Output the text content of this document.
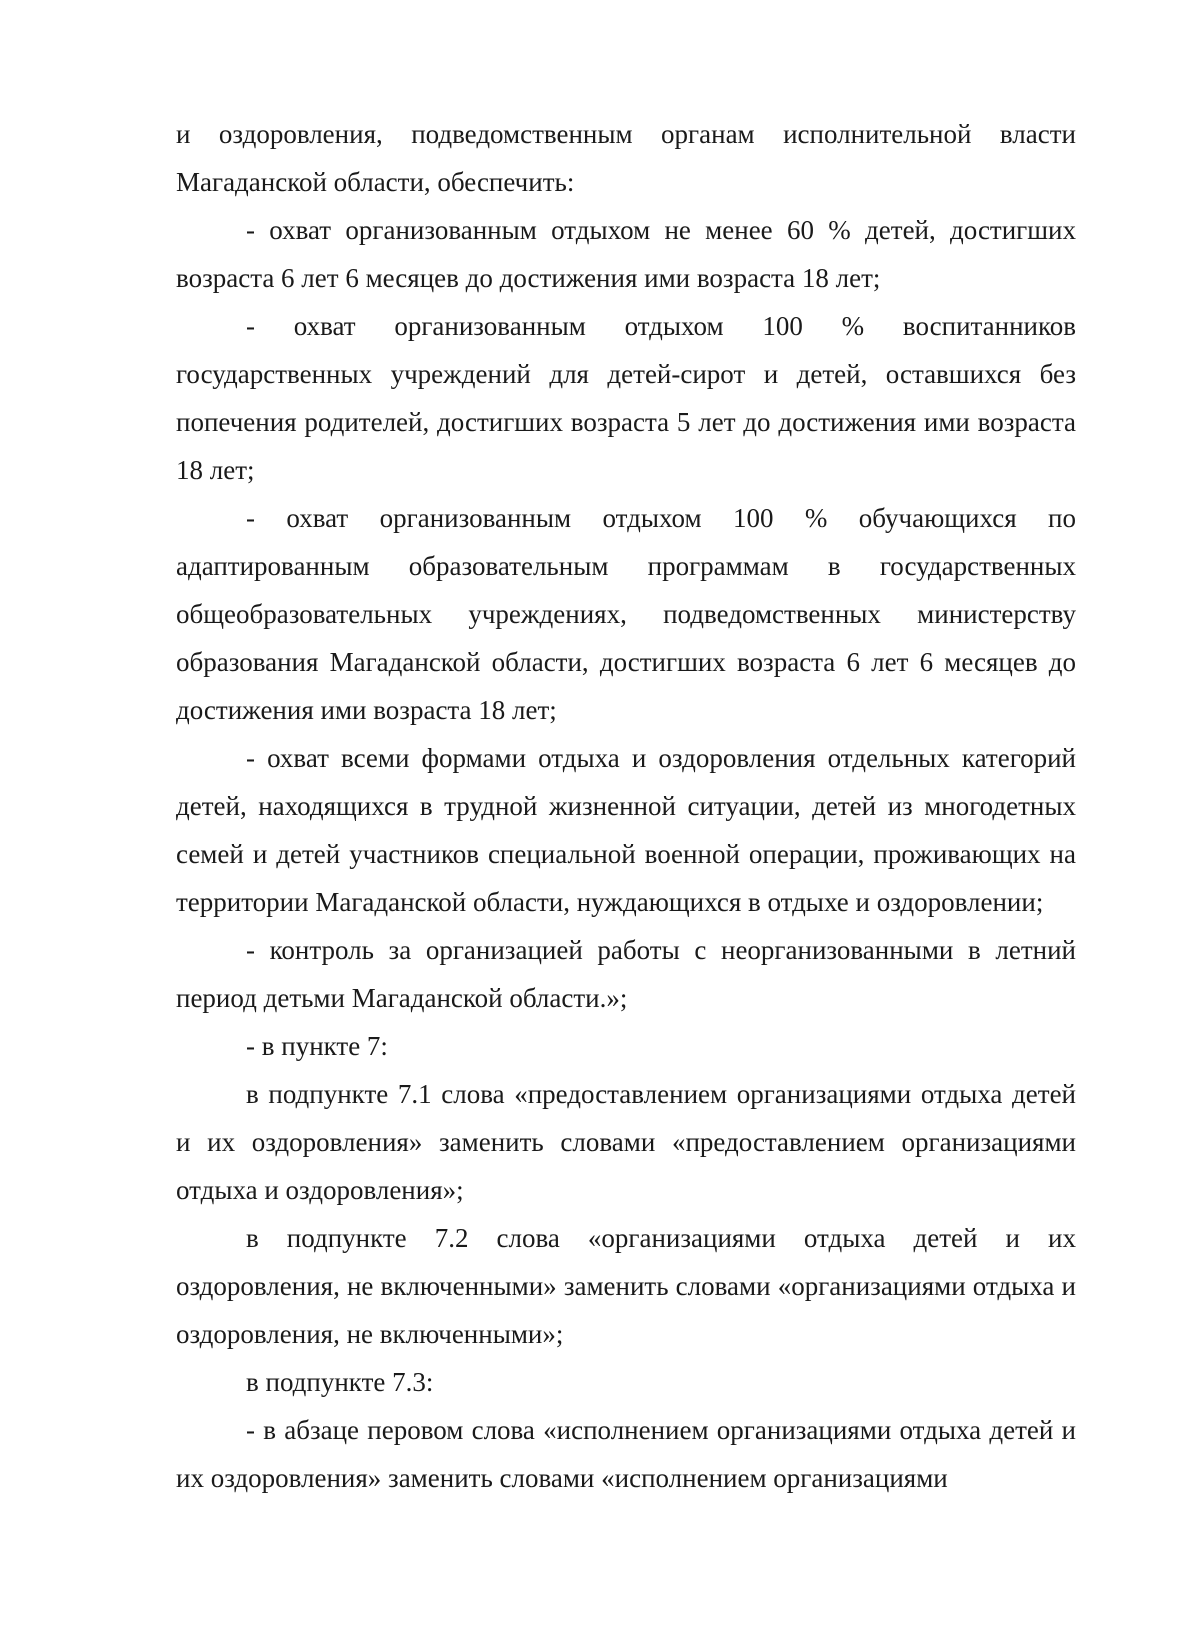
и оздоровления, подведомственным органам исполнительной власти Магаданской области, обеспечить:

- охват организованным отдыхом не менее 60 % детей, достигших возраста 6 лет 6 месяцев до достижения ими возраста 18 лет;

- охват организованным отдыхом 100 % воспитанников государственных учреждений для детей-сирот и детей, оставшихся без попечения родителей, достигших возраста 5 лет до достижения ими возраста 18 лет;

- охват организованным отдыхом 100 % обучающихся по адаптированным образовательным программам в государственных общеобразовательных учреждениях, подведомственных министерству образования Магаданской области, достигших возраста 6 лет 6 месяцев до достижения ими возраста 18 лет;

- охват всеми формами отдыха и оздоровления отдельных категорий детей, находящихся в трудной жизненной ситуации, детей из многодетных семей и детей участников специальной военной операции, проживающих на территории Магаданской области, нуждающихся в отдыхе и оздоровлении;

- контроль за организацией работы с неорганизованными в летний период детьми Магаданской области.»;

- в пункте 7:

в подпункте 7.1 слова «предоставлением организациями отдыха детей и их оздоровления» заменить словами «предоставлением организациями отдыха и оздоровления»;

в подпункте 7.2 слова «организациями отдыха детей и их оздоровления, не включенными» заменить словами «организациями отдыха и оздоровления, не включенными»;

в подпункте 7.3:

- в абзаце перовом слова «исполнением организациями отдыха детей и их оздоровления» заменить словами «исполнением организациями
